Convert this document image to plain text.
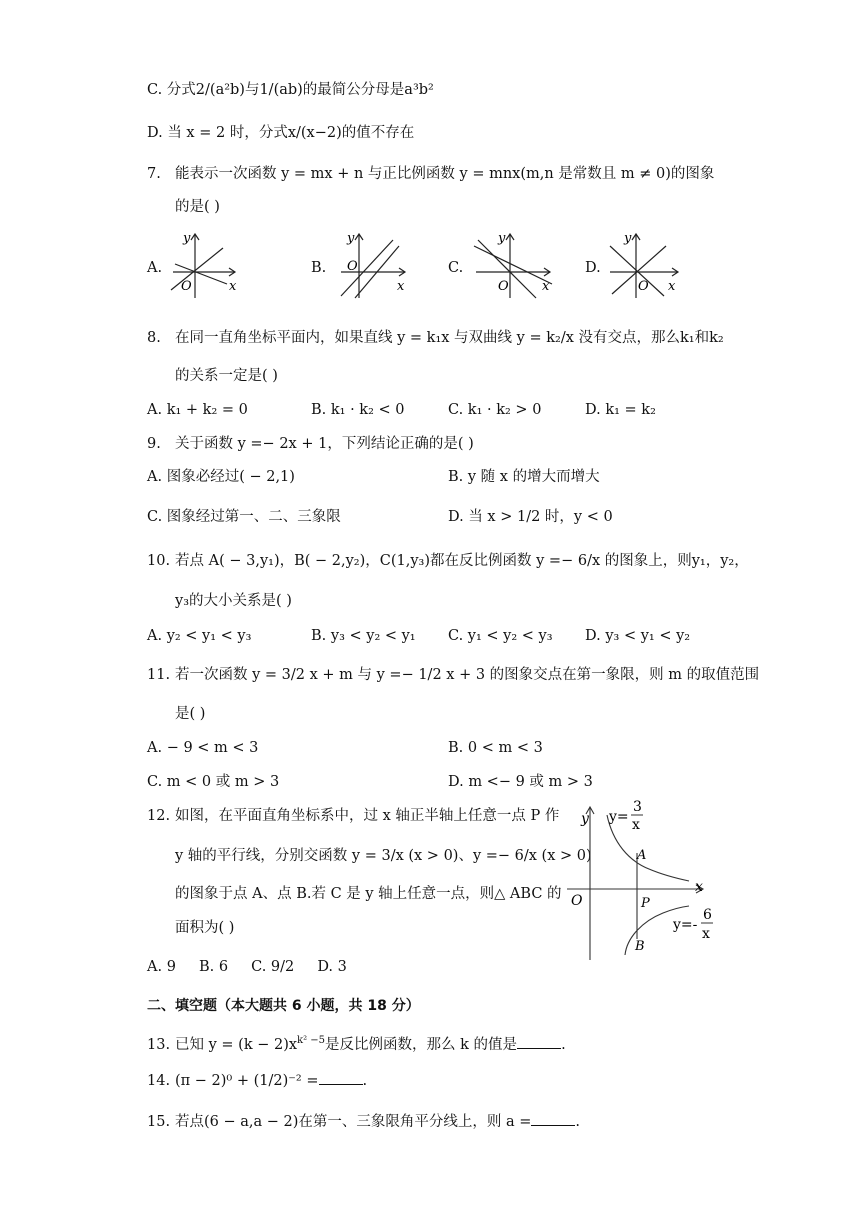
C. 分式2/(a²b)与1/(ab)的最简公分母是a³b²
D. 当 x = 2 时，分式x/(x−2)的值不存在
7. 能表示一次函数 y = mx + n 与正比例函数 y = mnx(m,n 是常数且 m ≠ 0)的图象
的是( )
A.
y
O	x
B.
y
O
x
C.
y
O	x
D.
y
O x
8. 在同一直角坐标平面内，如果直线 y = k₁x 与双曲线 y = k₂/x 没有交点，那么k₁和k₂
的关系一定是( )
A. k₁ + k₂ = 0	B. k₁ · k₂ < 0	C. k₁ · k₂ > 0	D. k₁ = k₂
9. 关于函数 y =− 2x + 1，下列结论正确的是( )
A. 图象必经过( − 2,1)	B. y 随 x 的增大而增大
C. 图象经过第一、二、三象限	D. 当 x > 1/2 时，y < 0
10. 若点 A( − 3,y₁)，B( − 2,y₂)，C(1,y₃)都在反比例函数 y =− 6/x 的图象上，则y₁，y₂，
y₃的大小关系是( )
A. y₂ < y₁ < y₃	B. y₃ < y₂ < y₁ C. y₁ < y₂ < y₃ D. y₃ < y₁ < y₂
11. 若一次函数 y = 3/2 x + m 与 y =− 1/2 x + 3 的图象交点在第一象限，则 m 的取值范围
是( )
A. − 9 < m < 3	B. 0 < m < 3
C. m < 0 或 m > 3	D. m <− 9 或 m > 3
12. 如图，在平面直角坐标系中，过 x 轴正半轴上任意一点 P 作
y 轴的平行线，分别交函数 y = 3/x (x > 0)、y =− 6/x (x > 0)
的图象于点 A、点 B.若 C 是 y 轴上任意一点，则△ ABC 的
面积为( )
y
x
O	P
A
B
y=
3
x
y=-
6
x
A. 9 B. 6 C. 9/2 D. 3
二、填空题（本大题共 6 小题，共 18 分）
13. 已知 $y = (k - 2)x^{k^2 -5}$是反比例函数，那么 k 的值是	.
14. (π − 2)⁰ + (1/2)⁻² =	.
15. 若点(6 − a,a − 2)在第一、三象限角平分线上，则 a =	.
